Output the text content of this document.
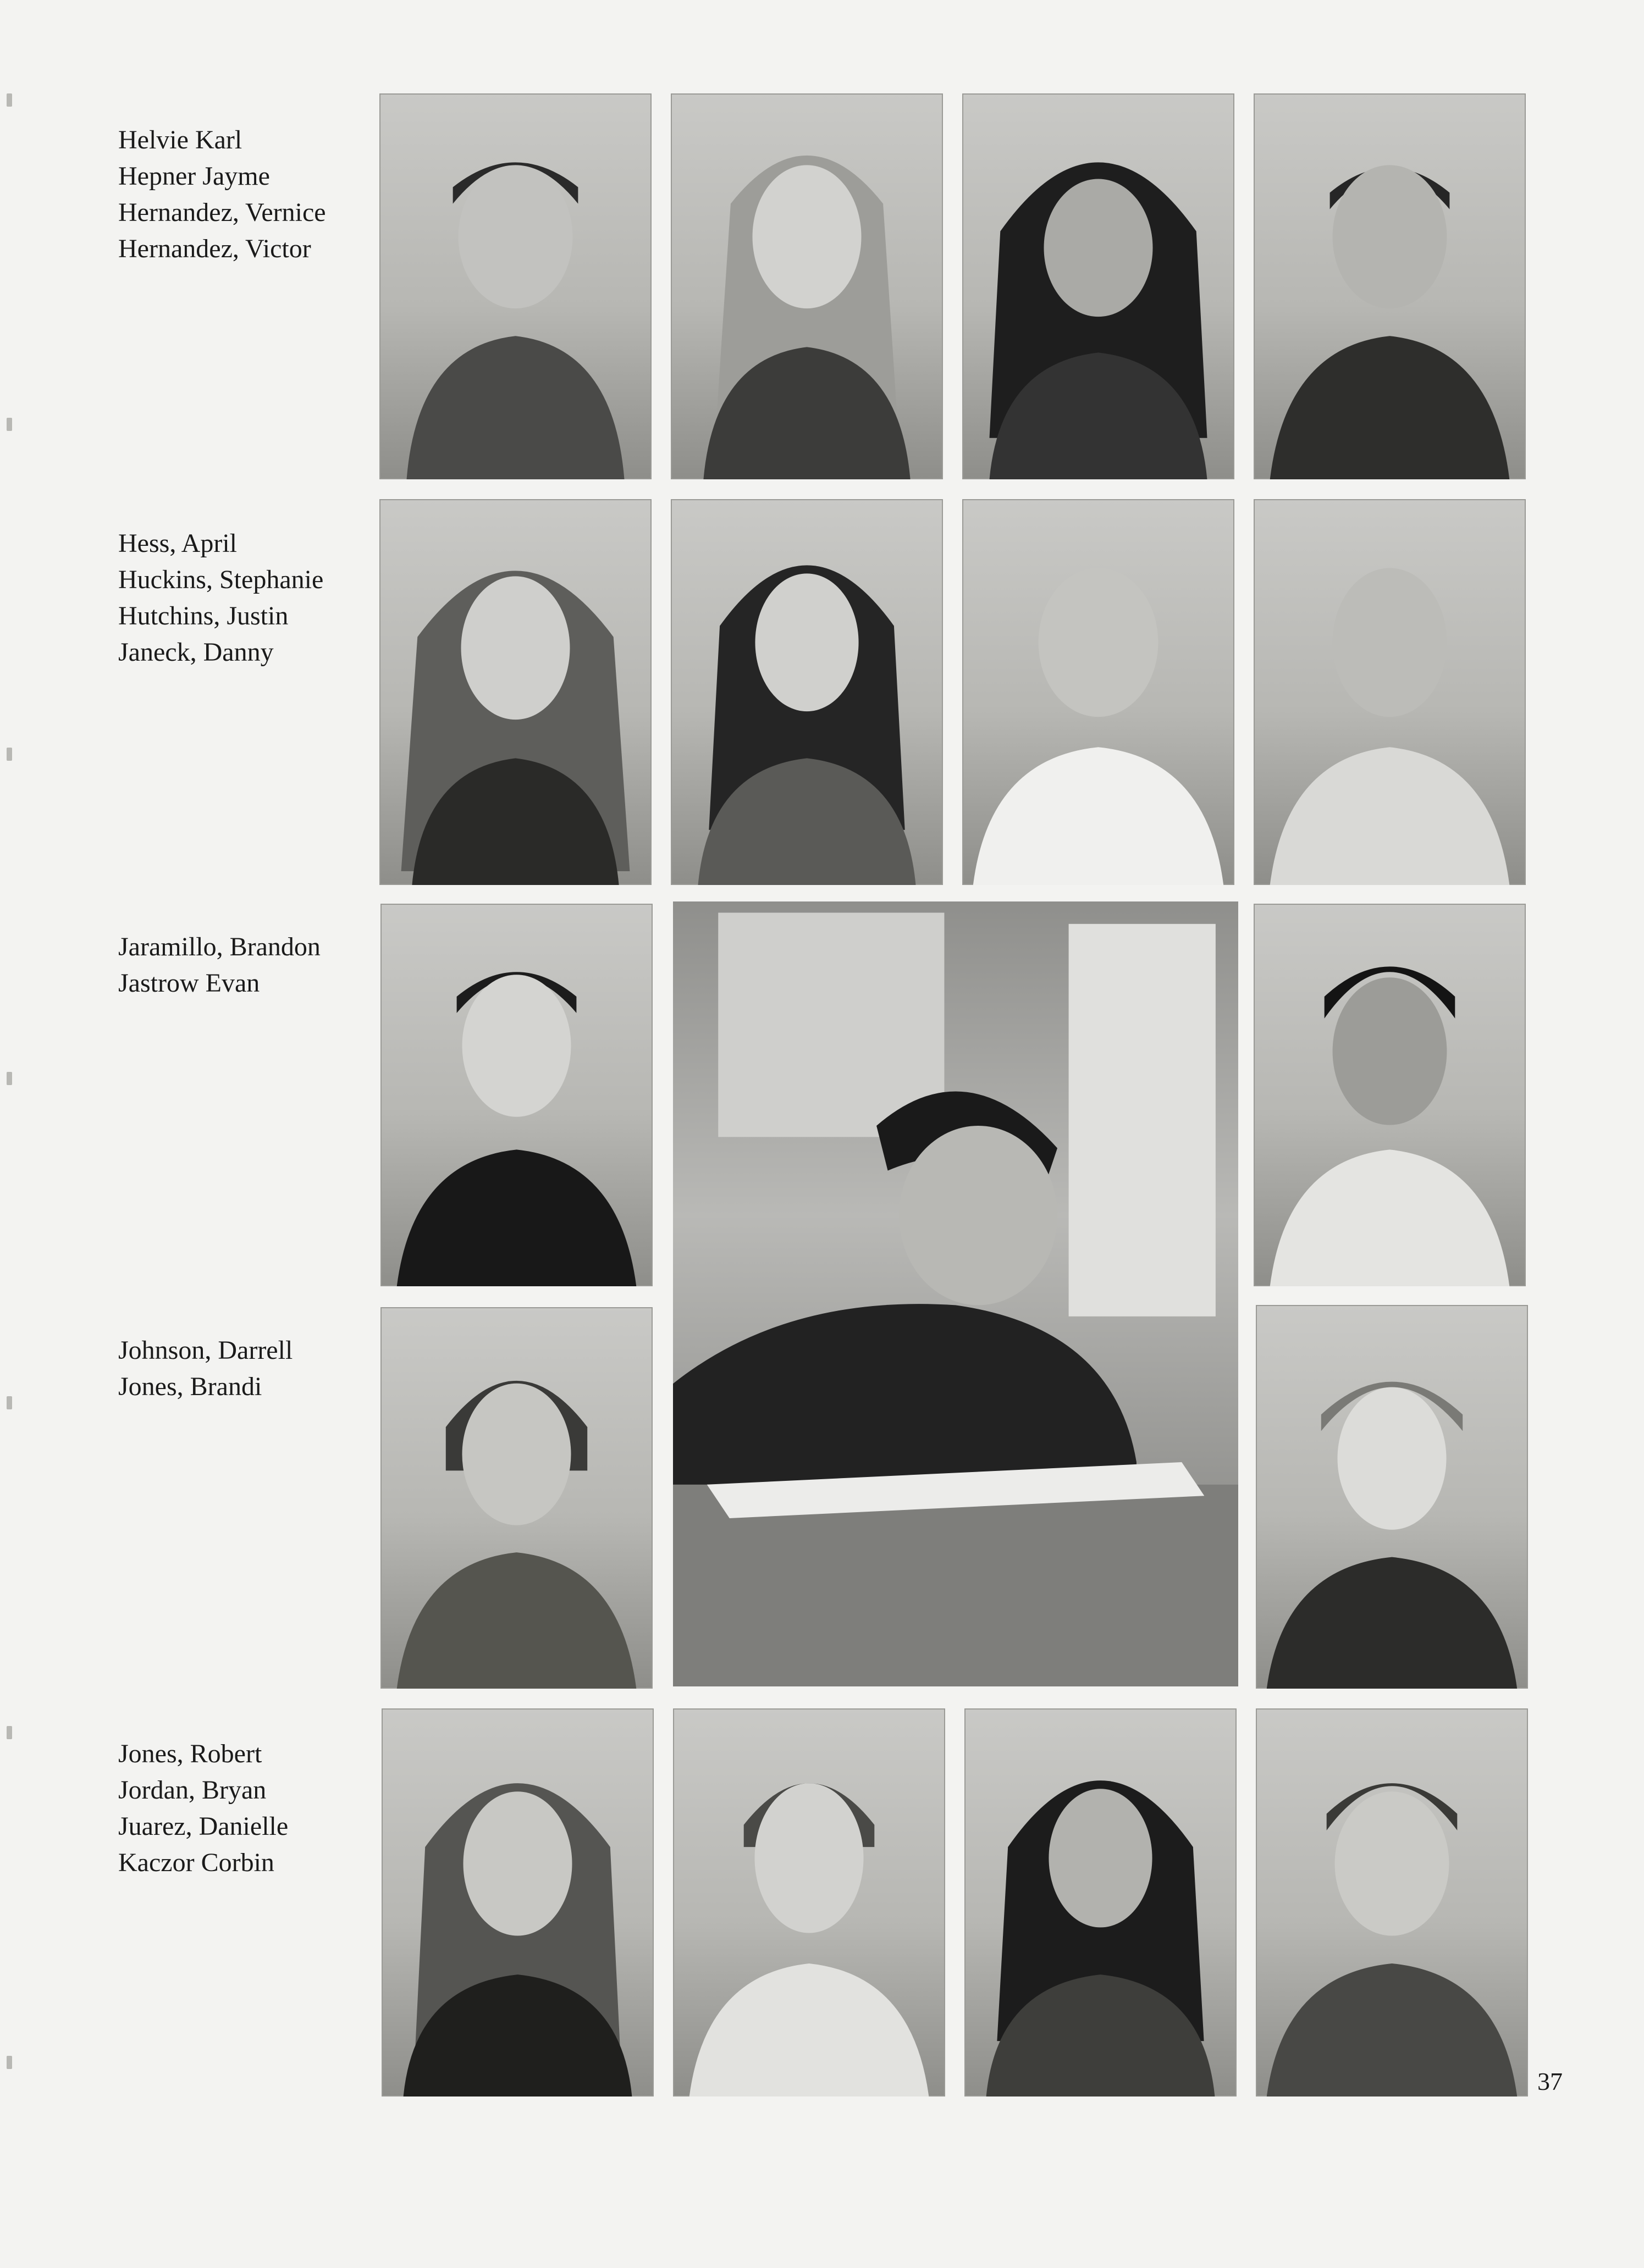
Helvie Karl
Hepner Jayme
Hernandez, Vernice
Hernandez, Victor
Hess, April
Huckins, Stephanie
Hutchins, Justin
Janeck, Danny
Jaramillo, Brandon
Jastrow Evan
Johnson, Darrell
Jones, Brandi
Jones, Robert
Jordan, Bryan
Juarez, Danielle
Kaczor Corbin
37
